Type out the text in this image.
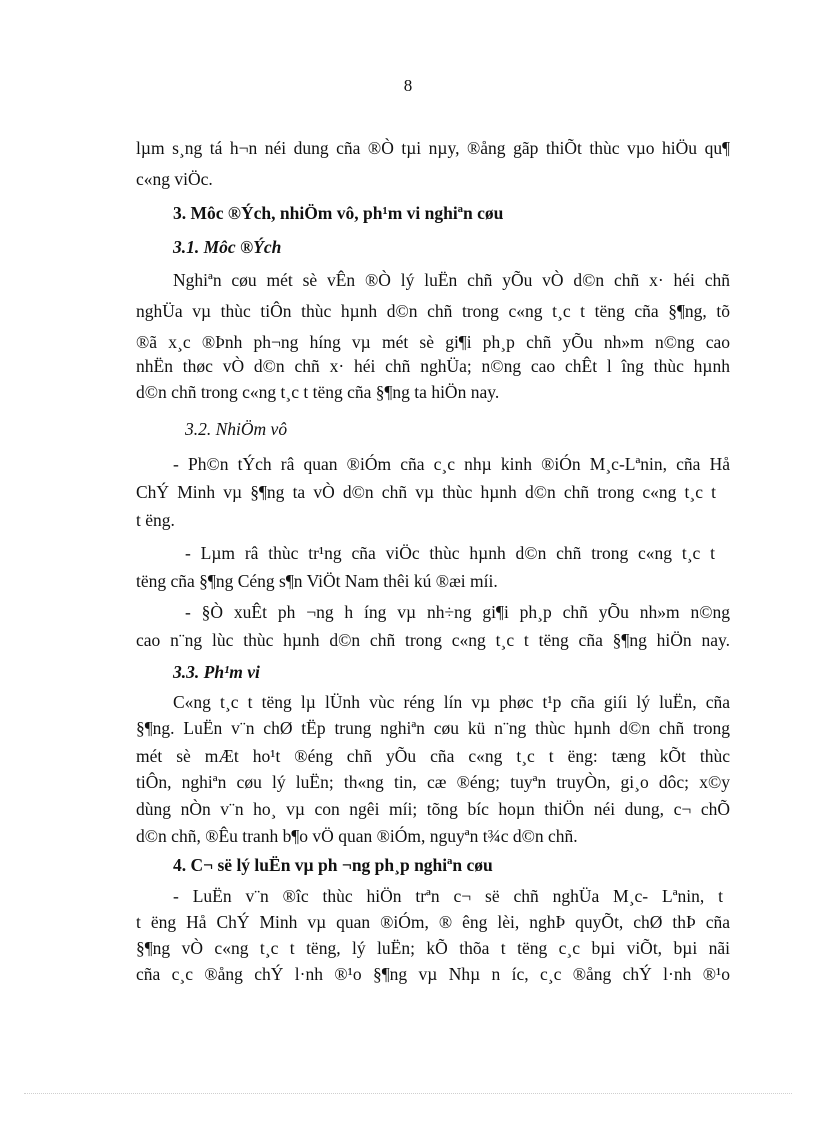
8
lµm s¸ng tá h¬n néi dung cña ®Ò tµi nµy, ®ång gãp thiÕt thùc vµo hiÖu qu¶
c«ng viÖc.
3. Môc ®Ých, nhiÖm vô, ph¹m vi nghiªn cøu
3.1. Môc ®Ých
Nghiªn cøu mét sè vÊn ®Ò lý luËn chñ yÕu vÒ d©n chñ x· héi chñ
nghÜa vµ thùc tiÔn thùc hµnh d©n chñ trong c«ng t¸c t tëng cña §¶ng, tõ
®ã x¸c ®Þnh ph¬ng híng vµ mét sè gi¶i ph¸p chñ yÕu nh»m n©ng cao
nhËn thøc vÒ d©n chñ x· héi chñ nghÜa; n©ng cao chÊt l îng thùc hµnh
d©n chñ trong c«ng t¸c t tëng cña §¶ng ta hiÖn nay.
3.2. NhiÖm vô
- Ph©n tÝch râ quan ®iÓm cña c¸c nhµ kinh ®iÓn M¸c-Lªnin, cña Hå
ChÝ Minh vµ §¶ng ta vÒ d©n chñ vµ thùc hµnh d©n chñ trong c«ng t¸c t
t ëng.
- Lµm râ thùc tr¹ng cña viÖc thùc hµnh d©n chñ trong c«ng t¸c t
tëng cña §¶ng Céng s¶n ViÖt Nam thêi kú ®æi míi.
- §Ò xuÊt ph ¬ng h íng vµ nh÷ng gi¶i ph¸p chñ yÕu nh»m n©ng
cao n¨ng lùc thùc hµnh d©n chñ trong c«ng t¸c t tëng cña §¶ng hiÖn nay.
3.3. Ph¹m vi
C«ng t¸c t tëng lµ lÜnh vùc réng lín vµ phøc t¹p cña giíi lý luËn, cña
§¶ng. LuËn v¨n chØ tËp trung nghiªn cøu kü n¨ng thùc hµnh d©n chñ trong
mét sè mÆt ho¹t ®éng chñ yÕu cña c«ng t¸c t ëng: tæng kÕt thùc
tiÔn, nghiªn cøu lý luËn; th«ng tin, cæ ®éng; tuyªn truyÒn, gi¸o dôc; x©y
dùng nÒn v¨n ho¸ vµ con ngêi míi; tõng bíc hoµn thiÖn néi dung, c¬ chÕ
d©n chñ, ®Êu tranh b¶o vÖ quan ®iÓm, nguyªn t¾c d©n chñ.
4. C¬ së lý luËn vµ ph ¬ng ph¸p nghiªn cøu
- LuËn v¨n ®îc thùc hiÖn trªn c¬ së chñ nghÜa M¸c- Lªnin, t
t ëng Hå ChÝ Minh vµ quan ®iÓm, ® êng lèi, nghÞ quyÕt, chØ thÞ cña
§¶ng vÒ c«ng t¸c t tëng, lý luËn; kÕ thõa t tëng c¸c bµi viÕt, bµi nãi
cña c¸c ®ång chÝ l·nh ®¹o §¶ng vµ Nhµ n íc, c¸c ®ång chÝ l·nh ®¹o
